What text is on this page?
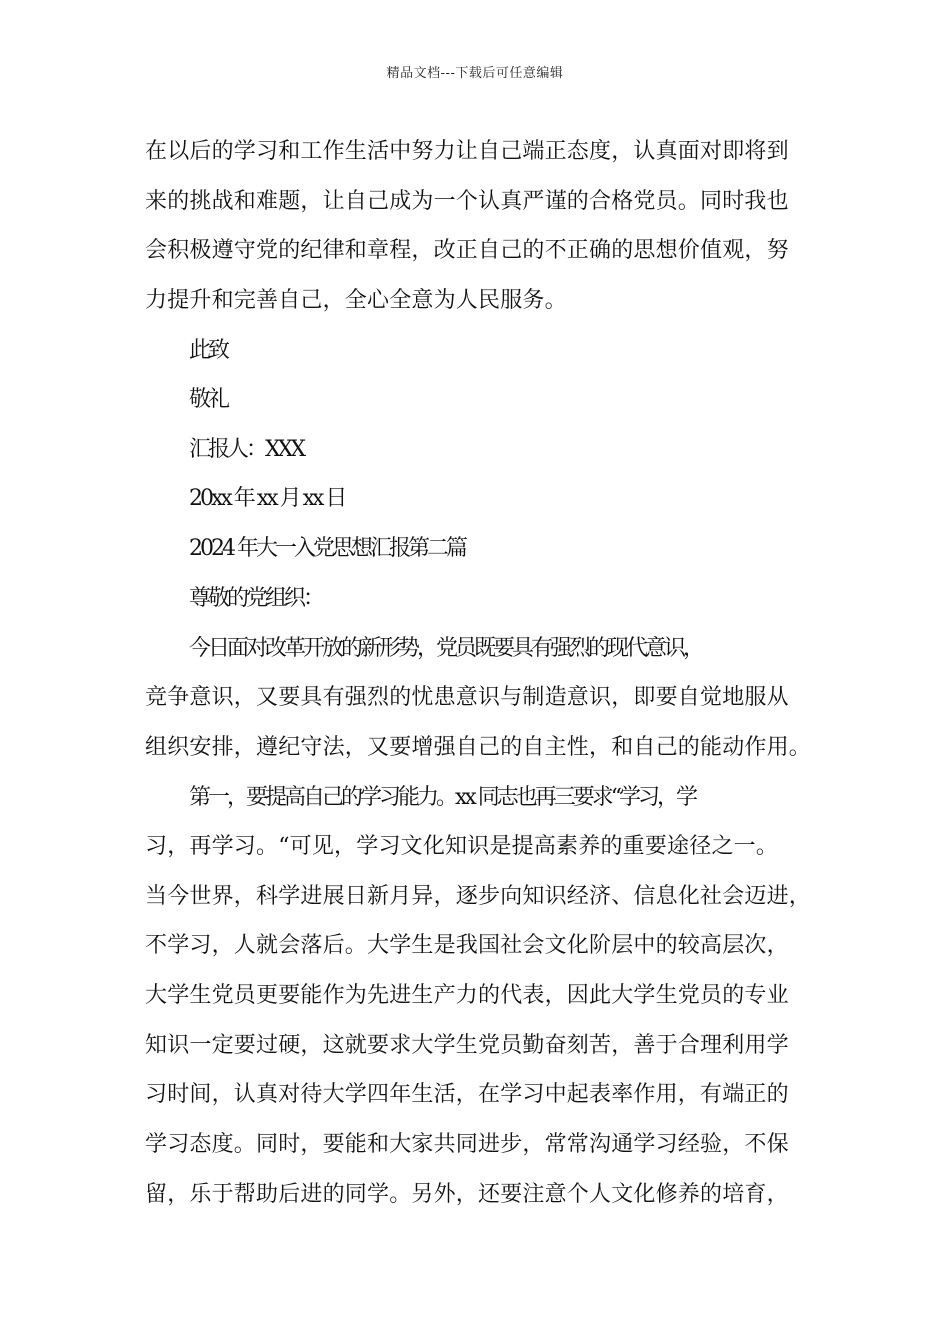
精品文档---下载后可任意编辑
在以后的学习和工作生活中努力让自己端正态度，认真面对即将到
来的挑战和难题，让自己成为一个认真严谨的合格党员。同时我也
会积极遵守党的纪律和章程，改正自己的不正确的思想价值观，努
力提升和完善自己，全心全意为人民服务。
此致
敬礼
汇报人：XXX
20xx 年 xx 月 xx 日
2024 年大一入党思想汇报第二篇
尊敬的党组织：
今日面对改革开放的新形势，党员既要具有强烈的现代意识，
竞争意识，又要具有强烈的忧患意识与制造意识，即要自觉地服从
组织安排，遵纪守法，又要增强自己的自主性，和自己的能动作用。
第一，要提高自己的学习能力。xx 同志也再三要求“学习，学
习，再学习。“可见，学习文化知识是提高素养的重要途径之一。
当今世界，科学进展日新月异，逐步向知识经济、信息化社会迈进，
不学习，人就会落后。大学生是我国社会文化阶层中的较高层次，
大学生党员更要能作为先进生产力的代表，因此大学生党员的专业
知识一定要过硬，这就要求大学生党员勤奋刻苦，善于合理利用学
习时间，认真对待大学四年生活，在学习中起表率作用，有端正的
学习态度。同时，要能和大家共同进步，常常沟通学习经验，不保
留，乐于帮助后进的同学。另外，还要注意个人文化修养的培育，
